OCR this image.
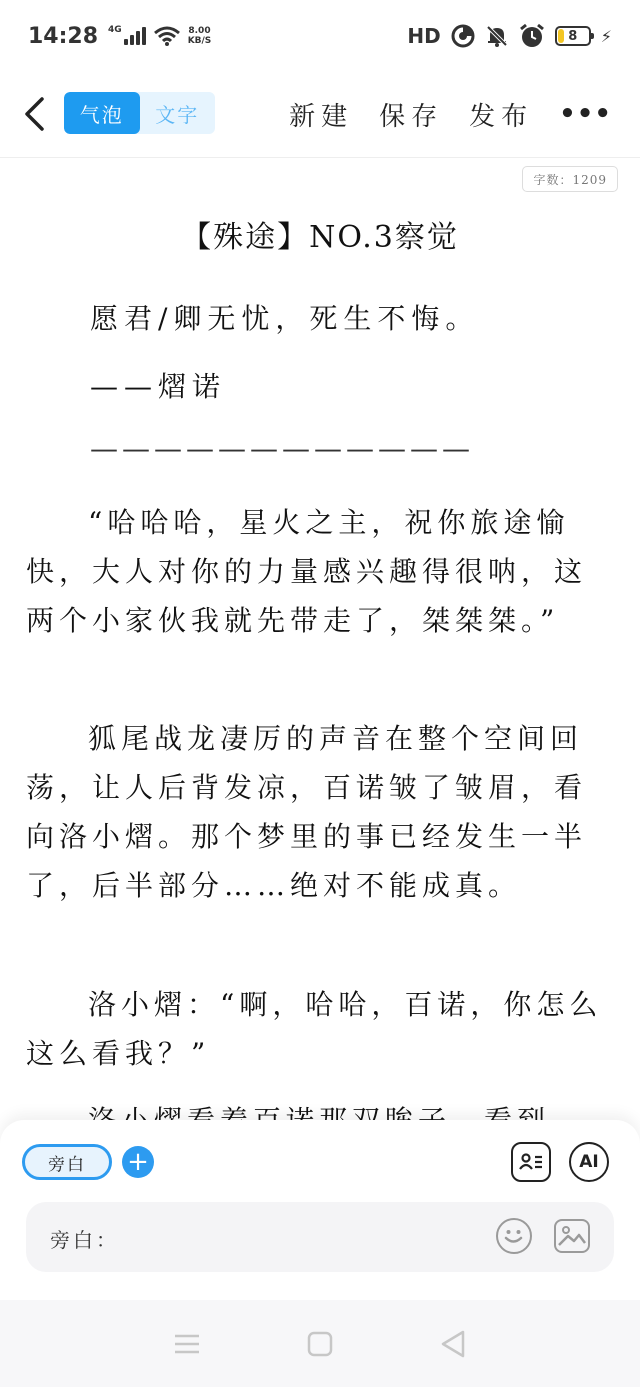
14:28 4G	8.00
KB/S	HD	8 ⚡
气泡	文字	新建 保存 发布 •••
字数：1209
【殊途】NO.3察觉
愿君/卿无忧，死生不悔。
——熠诺
————————————
“哈哈哈，星火之主，祝你旅途愉快，大人对你的力量感兴趣得很呐，这两个小家伙我就先带走了，桀桀桀。”
狐尾战龙凄厉的声音在整个空间回荡，让人后背发凉，百诺皱了皱眉，看向洛小熠。那个梦里的事已经发生一半了，后半部分……绝对不能成真。
洛小熠：“啊，哈哈，百诺，你怎么这么看我？”
旁白	+	AI
旁白：
